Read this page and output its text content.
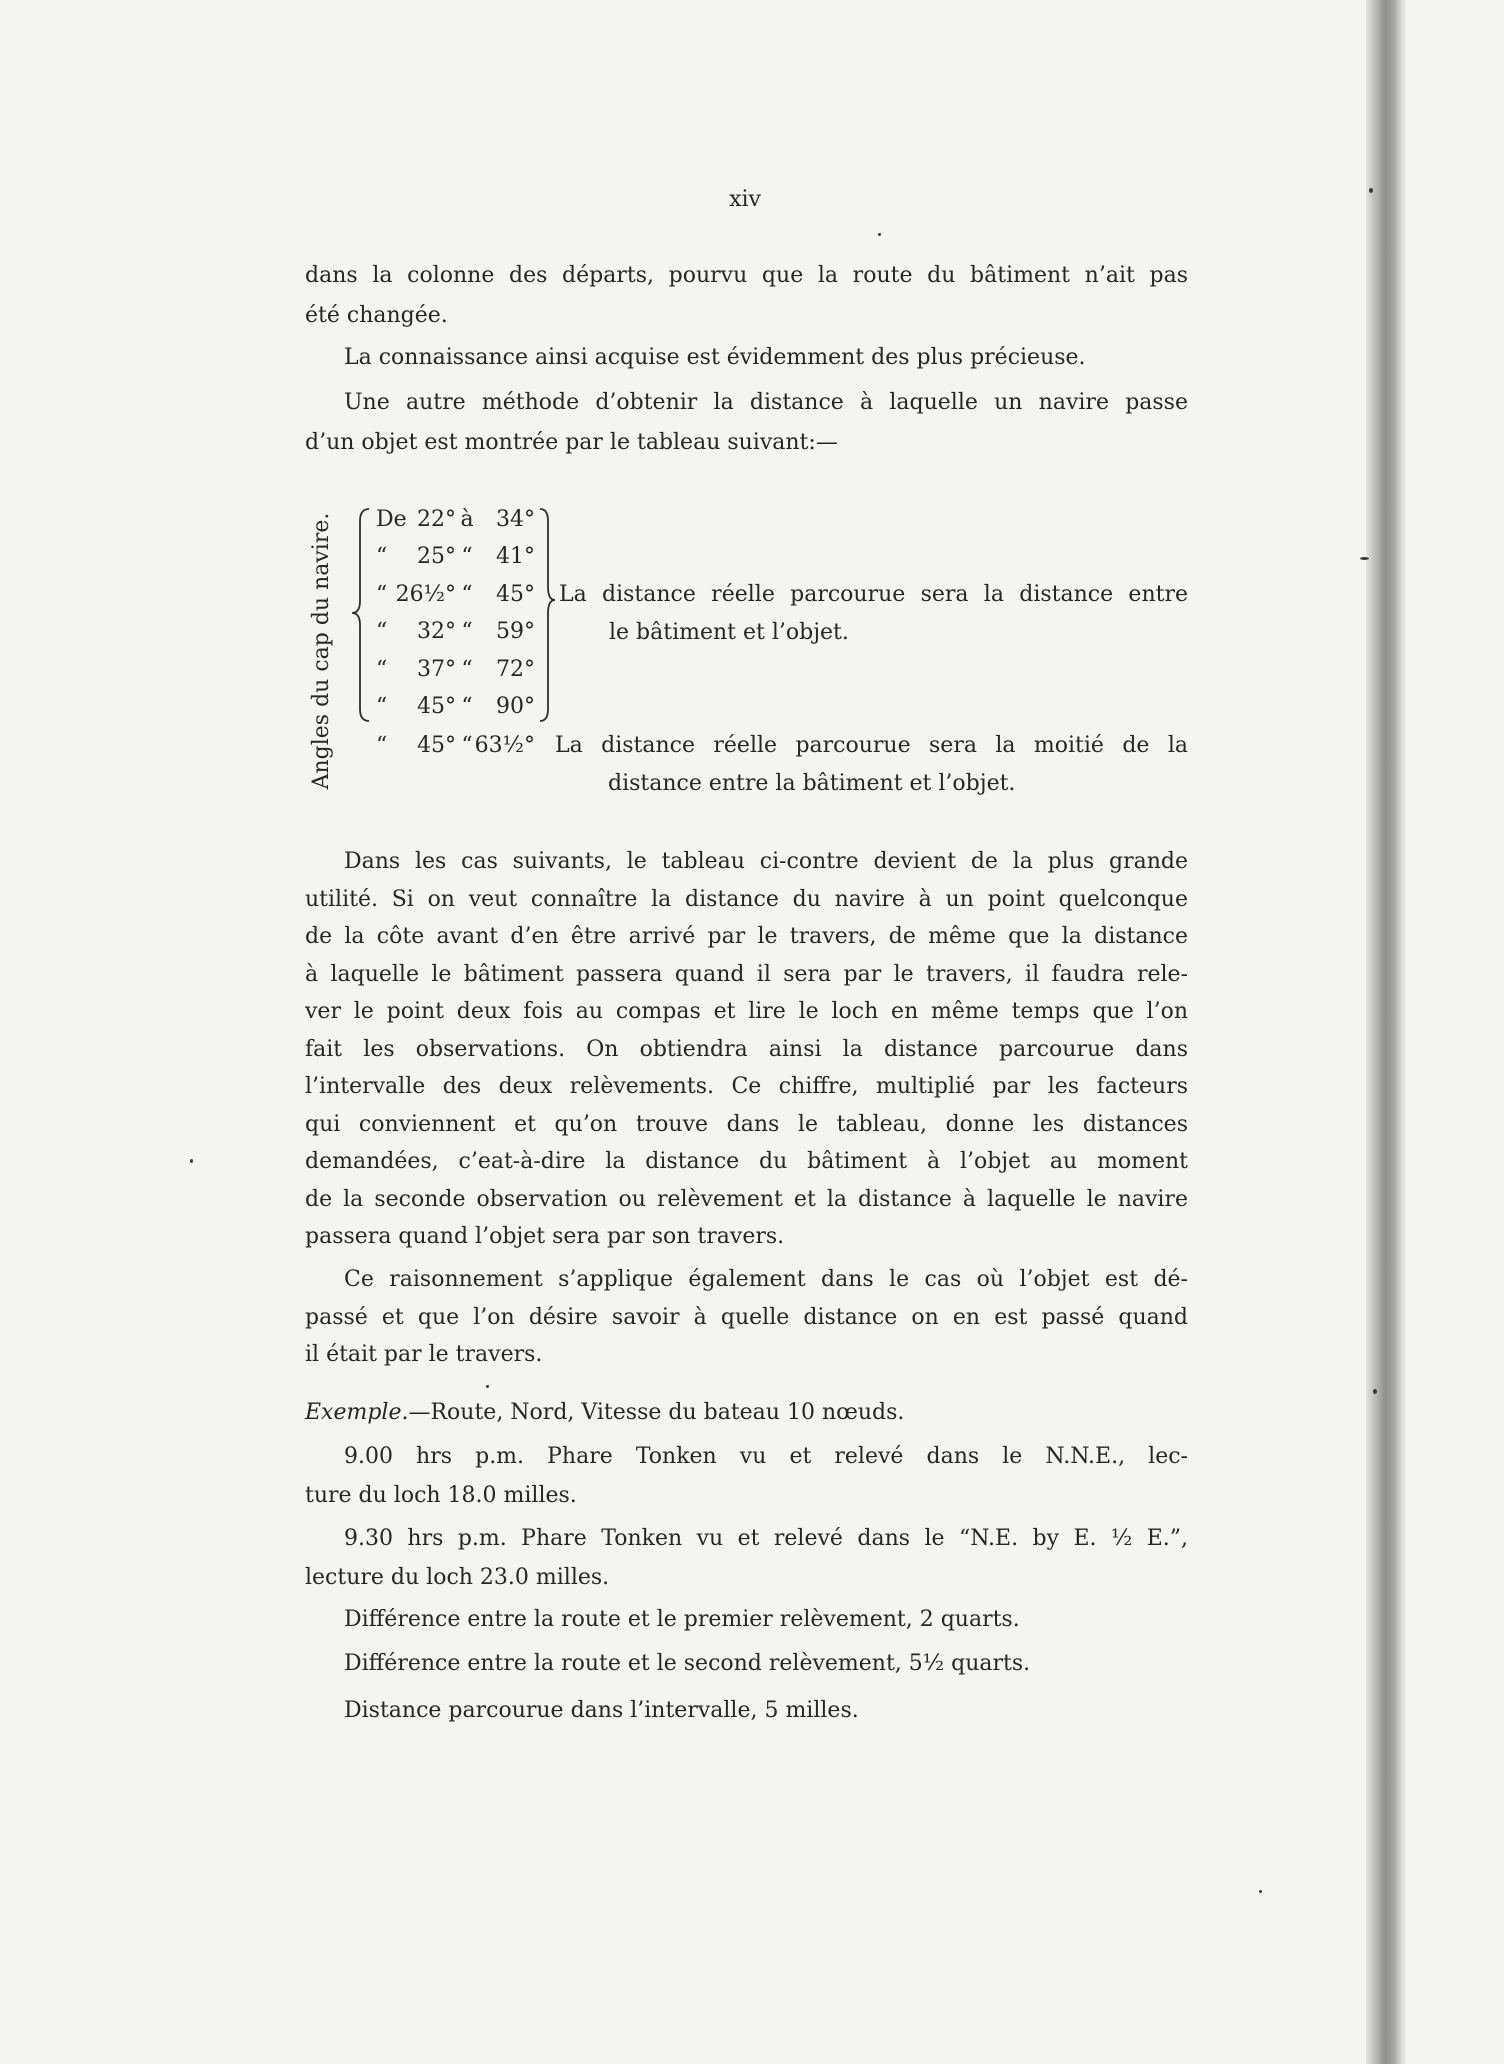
xiv
dans la colonne des départs, pourvu que la route du bâtiment n’ait pas
été changée.
La connaissance ainsi acquise est évidemment des plus précieuse.
Une autre méthode d’obtenir la distance à laquelle un navire passe
d’un objet est montrée par le tableau suivant:—
Angles du cap du navire. De 22° à	34°
“	25° “	41°
“ 26½° “	45°
“	32° “	59°
“	37° “	72°
“	45° “	90°
“	45° “ 63½°
La distance réelle parcourue sera la distance entre
le bâtiment et l’objet.
La distance réelle parcourue sera la moitié de la
distance entre la bâtiment et l’objet.
Dans les cas suivants, le tableau ci-contre devient de la plus grande
utilité. Si on veut connaître la distance du navire à un point quelconque
de la côte avant d’en être arrivé par le travers, de même que la distance
à laquelle le bâtiment passera quand il sera par le travers, il faudra rele-
ver le point deux fois au compas et lire le loch en même temps que l’on
fait les observations. On obtiendra ainsi la distance parcourue dans
l’intervalle des deux relèvements. Ce chiffre, multiplié par les facteurs
qui conviennent et qu’on trouve dans le tableau, donne les distances
demandées, c’eat-à-dire la distance du bâtiment à l’objet au moment
de la seconde observation ou relèvement et la distance à laquelle le navire
passera quand l’objet sera par son travers.
Ce raisonnement s’applique également dans le cas où l’objet est dé-
passé et que l’on désire savoir à quelle distance on en est passé quand
il était par le travers.
Exemple.—Route, Nord, Vitesse du bateau 10 nœuds.
9.00 hrs p.m. Phare Tonken vu et relevé dans le N.N.E., lec-
ture du loch 18.0 milles.
9.30 hrs p.m. Phare Tonken vu et relevé dans le “N.E. by E. ½ E.”,
lecture du loch 23.0 milles.
Différence entre la route et le premier relèvement, 2 quarts.
Différence entre la route et le second relèvement, 5½ quarts.
Distance parcourue dans l’intervalle, 5 milles.
